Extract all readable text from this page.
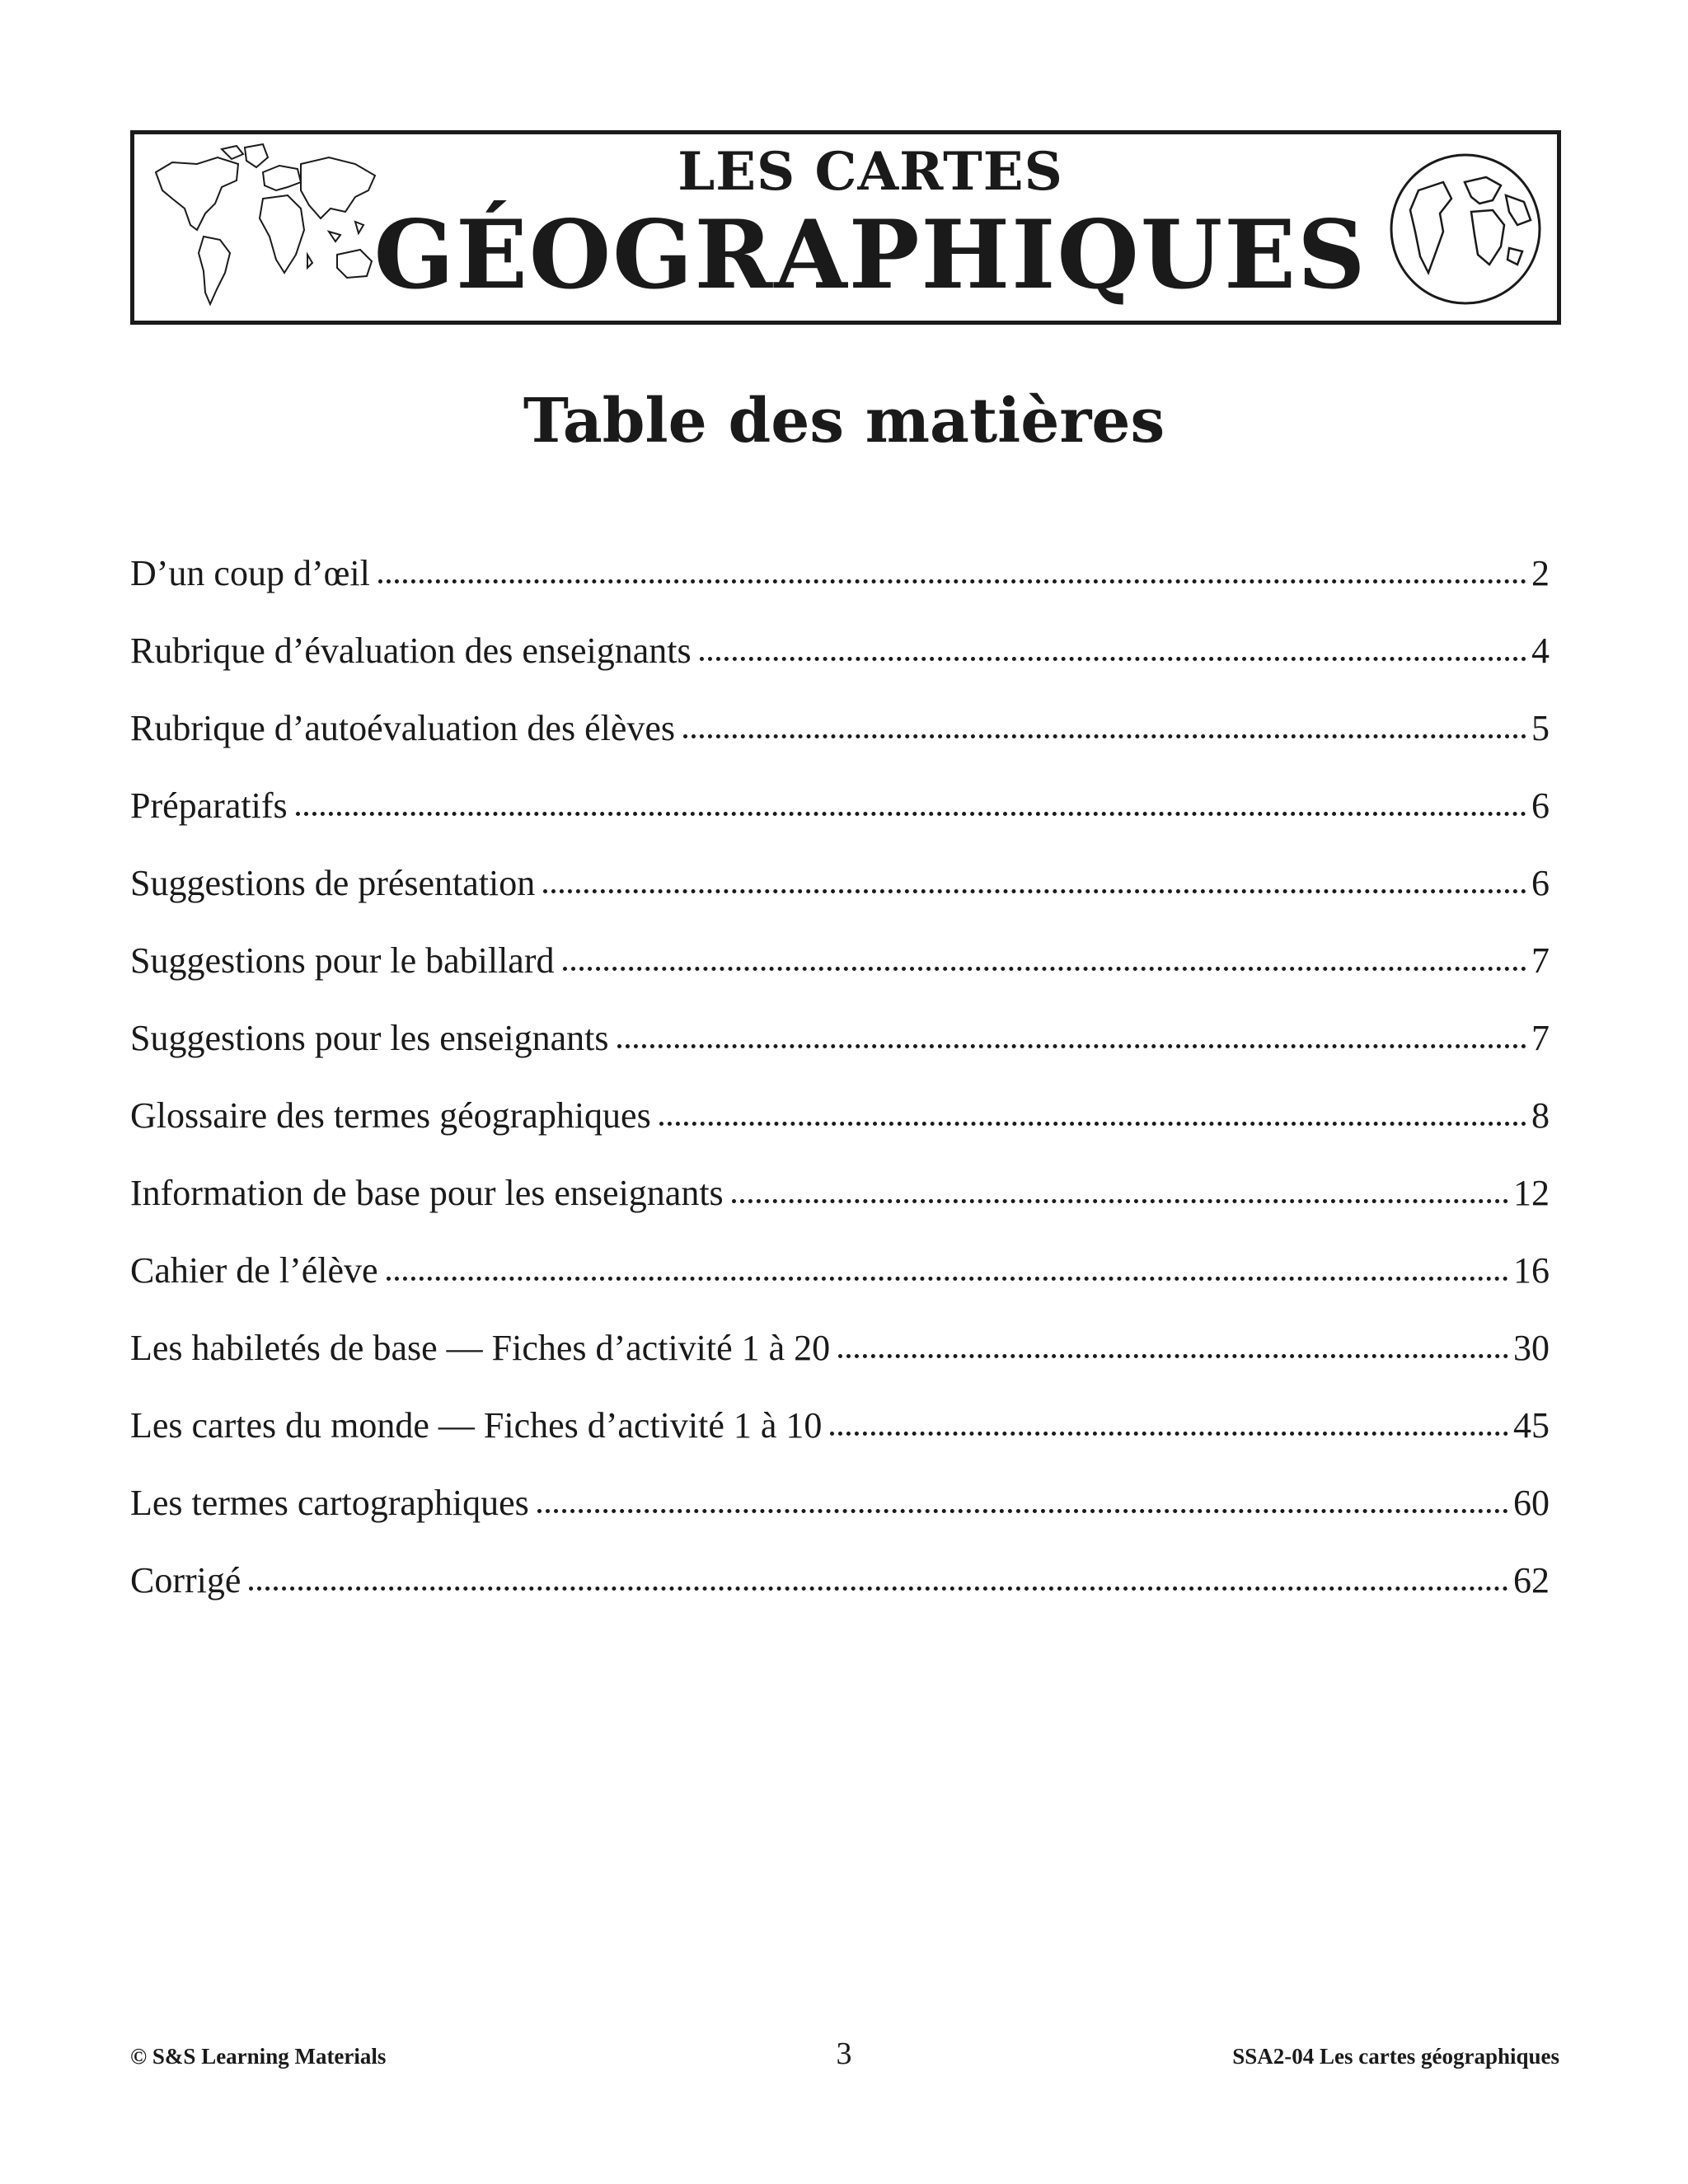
LES CARTES
GÉOGRAPHIQUES
Table des matières
D’un coup d’œil	2
Rubrique d’évaluation des enseignants	4
Rubrique d’autoévaluation des élèves	5
Préparatifs	6
Suggestions de présentation	6
Suggestions pour le babillard	7
Suggestions pour les enseignants	7
Glossaire des termes géographiques	8
Information de base pour les enseignants	12
Cahier de l’élève	16
Les habiletés de base — Fiches d’activité 1 à 20	30
Les cartes du monde — Fiches d’activité 1 à 10	45
Les termes cartographiques	60
Corrigé	62
© S&S Learning Materials	3	SSA2-04 Les cartes géographiques
